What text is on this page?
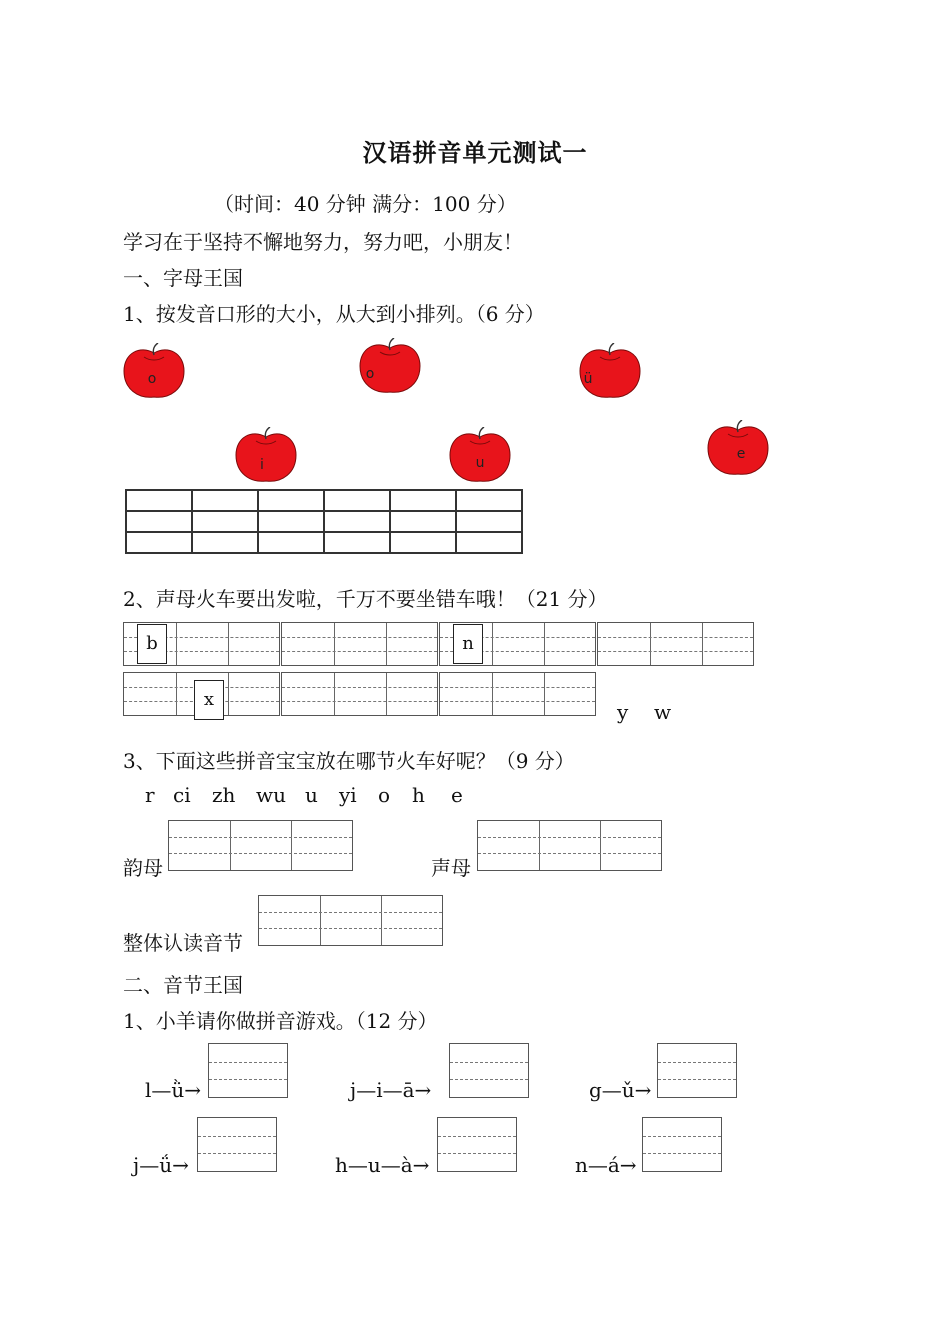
汉语拼音单元测试一
（时间：40 分钟 满分：100 分）
学习在于坚持不懈地努力，努力吧，小朋友！
一、字母王国
1、按发音口形的大小，从大到小排列。（6 分）
o	o	ü
i	u
e

2、声母火车要出发啦，千万不要坐错车哦！（21 分）
b	n
x
y w
3、下面这些拼音宝宝放在哪节火车好呢？（9 分）
r ci zh wu u yi o h e
韵母	声母
整体认读音节
二、音节王国
1、小羊请你做拼音游戏。（12 分）
l—ǜ→	j—i—ā→	g—ǔ→
j—ǘ→	h—u—à→	n—á→
